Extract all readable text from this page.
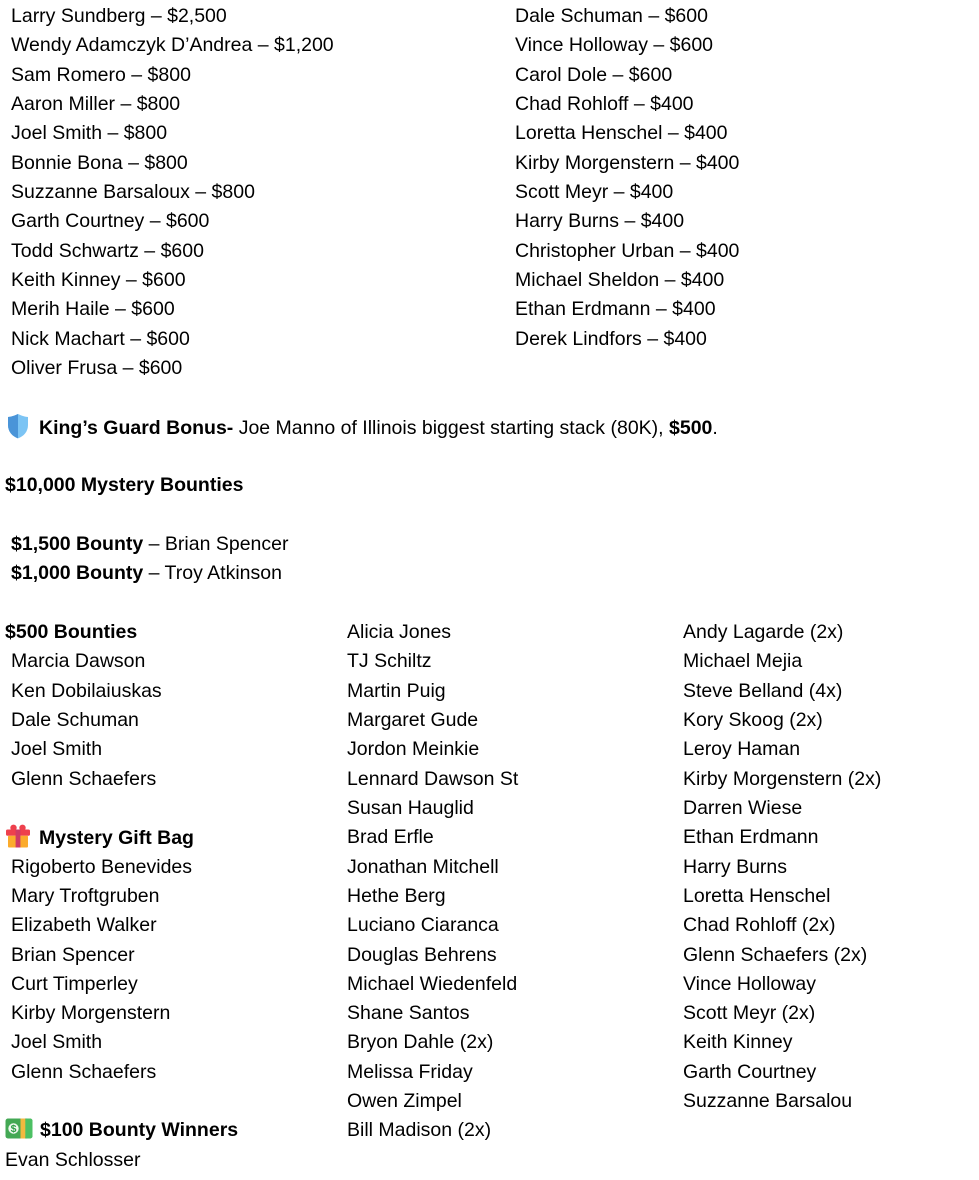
Larry Sundberg – $2,500
Wendy Adamczyk D’Andrea – $1,200
Sam Romero – $800
Aaron Miller – $800
Joel Smith – $800
Bonnie Bona – $800
Suzzanne Barsaloux – $800
Garth Courtney – $600
Todd Schwartz – $600
Keith Kinney – $600
Merih Haile – $600
Nick Machart – $600
Oliver Frusa – $600
Dale Schuman – $600
Vince Holloway – $600
Carol Dole – $600
Chad Rohloff – $400
Loretta Henschel – $400
Kirby Morgenstern – $400
Scott Meyr – $400
Harry Burns – $400
Christopher Urban – $400
Michael Sheldon – $400
Ethan Erdmann – $400
Derek Lindfors – $400

King’s Guard Bonus- Joe Manno of Illinois biggest starting stack (80K), $500.

$10,000 Mystery Bounties

$1,500 Bounty – Brian Spencer

$1,000 Bounty – Troy Atkinson

$500 Bounties
Marcia Dawson
Ken Dobilaiuskas
Dale Schuman
Joel Smith
Glenn Schaefers
Mystery Gift Bag
Rigoberto Benevides
Mary Troftgruben
Elizabeth Walker
Brian Spencer
Curt Timperley
Kirby Morgenstern
Joel Smith
Glenn Schaefers
$ $100 Bounty Winners
Evan Schlosser
Alicia Jones
TJ Schiltz
Martin Puig
Margaret Gude
Jordon Meinkie
Lennard Dawson St
Susan Hauglid
Brad Erfle
Jonathan Mitchell
Hethe Berg
Luciano Ciaranca
Douglas Behrens
Michael Wiedenfeld
Shane Santos
Bryon Dahle (2x)
Melissa Friday
Owen Zimpel
Bill Madison (2x)
Andy Lagarde (2x)
Michael Mejia
Steve Belland (4x)
Kory Skoog (2x)
Leroy Haman
Kirby Morgenstern (2x)
Darren Wiese
Ethan Erdmann
Harry Burns
Loretta Henschel
Chad Rohloff (2x)
Glenn Schaefers (2x)
Vince Holloway
Scott Meyr (2x)
Keith Kinney
Garth Courtney
Suzzanne Barsalou
